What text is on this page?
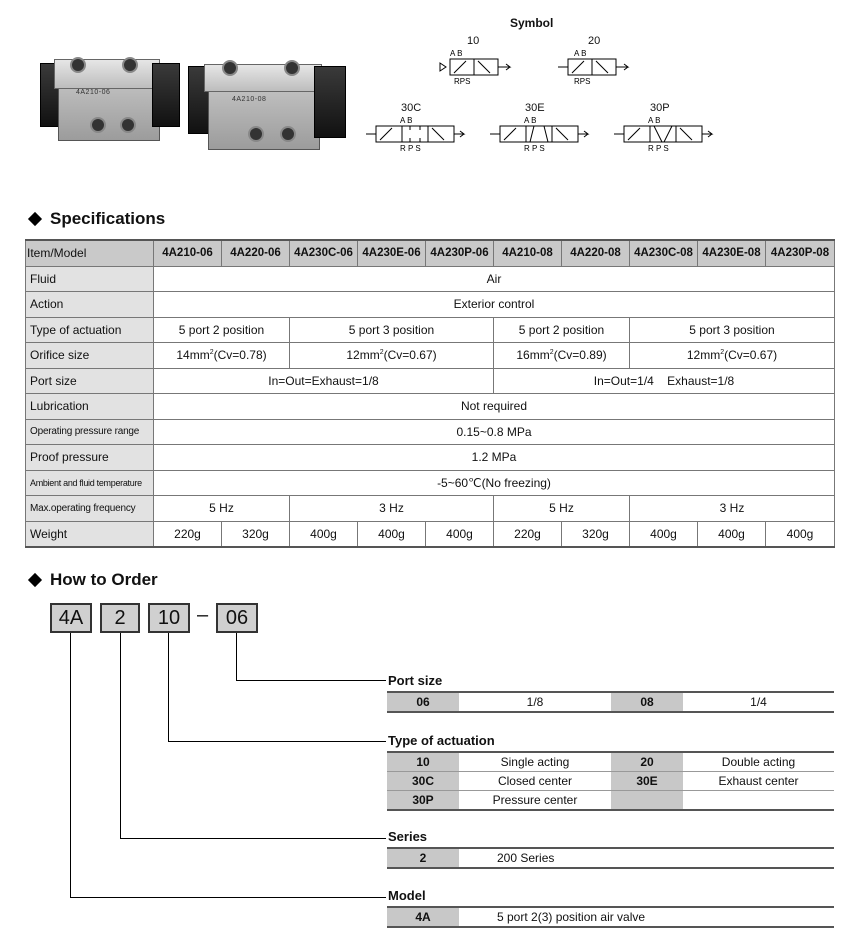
4A210-06
4A210-08
Symbol
10
A B
RPS
20
A B
RPS
30C
A B
R P S
30E
A B
R P S
30P
A B
R P S
Specifications
Item/Model	4A210-06	4A220-06	4A230C-06	4A230E-06	4A230P-06	4A210-08	4A220-08	4A230C-08	4A230E-08	4A230P-08
Fluid	Air									
Action	Exterior control									
Type of actuation	5 port 2 position		5 port 3 position			5 port 2 position		5 port 3 position		
Orifice size	$14mm^2(Cv=0.78)$		$12mm^2(Cv=0.67)$			$16mm^2(Cv=0.89)$		$12mm^2(Cv=0.67)$		
Port size	In=Out=Exhaust=1/8					In=Out=1/4    Exhaust=1/8				
Lubrication	Not required									
Operating pressure range	0.15~0.8 MPa									
Proof pressure	1.2 MPa									
Ambient and fluid temperature	-5~60℃(No freezing)									
Max.operating frequency	5 Hz		3 Hz			5 Hz		3 Hz		
Weight	220g	320g	400g	400g	400g	220g	320g	400g	400g	400g
How to Order
4A	2	10 – 06
Port size
06	1/8	08	1/4
Type of actuation
10	Single acting	20	Double acting
30C	Closed center	30E	Exhaust center
30P	Pressure center		
Series
2	200 Series
Model
4A	5 port 2(3) position air valve
